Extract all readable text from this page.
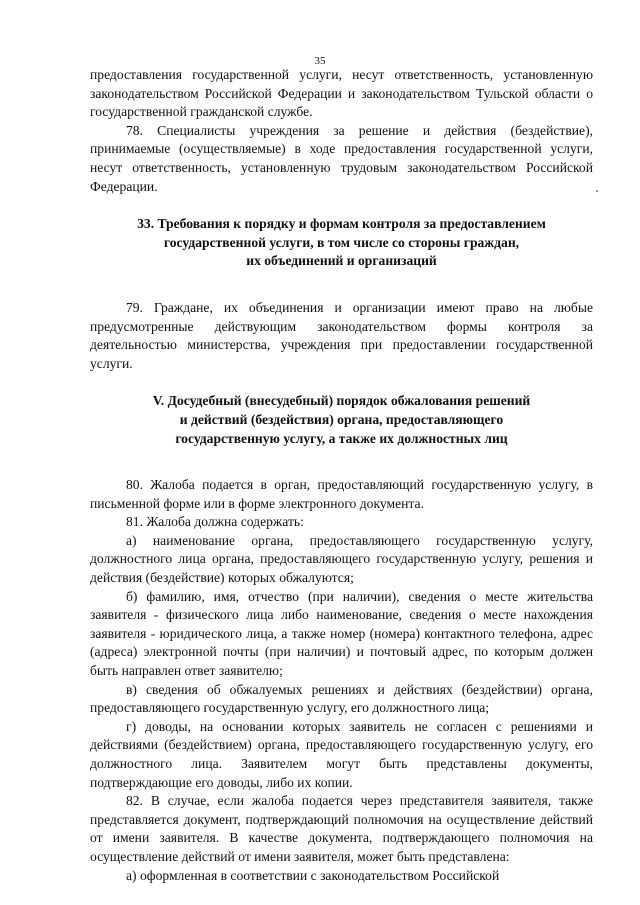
35

предоставления государственной услуги, несут ответственность, установленную законодательством Российской Федерации и законодательством Тульской области о государственной гражданской службе.

78. Специалисты учреждения за решение и действия (бездействие), принимаемые (осуществляемые) в ходе предоставления государственной услуги, несут ответственность, установленную трудовым законодательством Российской Федерации.

33. Требования к порядку и формам контроля за предоставлением
государственной услуги, в том числе со стороны граждан,
их объединений и организаций

79. Граждане, их объединения и организации имеют право на любые предусмотренные действующим законодательством формы контроля за деятельностью министерства, учреждения при предоставлении государственной услуги.

V. Досудебный (внесудебный) порядок обжалования решений
и действий (бездействия) органа, предоставляющего
государственную услугу, а также их должностных лиц

80. Жалоба подается в орган, предоставляющий государственную услугу, в письменной форме или в форме электронного документа.

81. Жалоба должна содержать:

а) наименование органа, предоставляющего государственную услугу, должностного лица органа, предоставляющего государственную услугу, решения и действия (бездействие) которых обжалуются;

б) фамилию, имя, отчество (при наличии), сведения о месте жительства заявителя - физического лица либо наименование, сведения о месте нахождения заявителя - юридического лица, а также номер (номера) контактного телефона, адрес (адреса) электронной почты (при наличии) и почтовый адрес, по которым должен быть направлен ответ заявителю;

в) сведения об обжалуемых решениях и действиях (бездействии) органа, предоставляющего государственную услугу, его должностного лица;

г) доводы, на основании которых заявитель не согласен с решениями и действиями (бездействием) органа, предоставляющего государственную услугу, его должностного лица. Заявителем могут быть представлены документы, подтверждающие его доводы, либо их копии.

82. В случае, если жалоба подается через представителя заявителя, также представляется документ, подтверждающий полномочия на осуществление действий от имени заявителя. В качестве документа, подтверждающего полномочия на осуществление действий от имени заявителя, может быть представлена:

а) оформленная в соответствии с законодательством Российской
